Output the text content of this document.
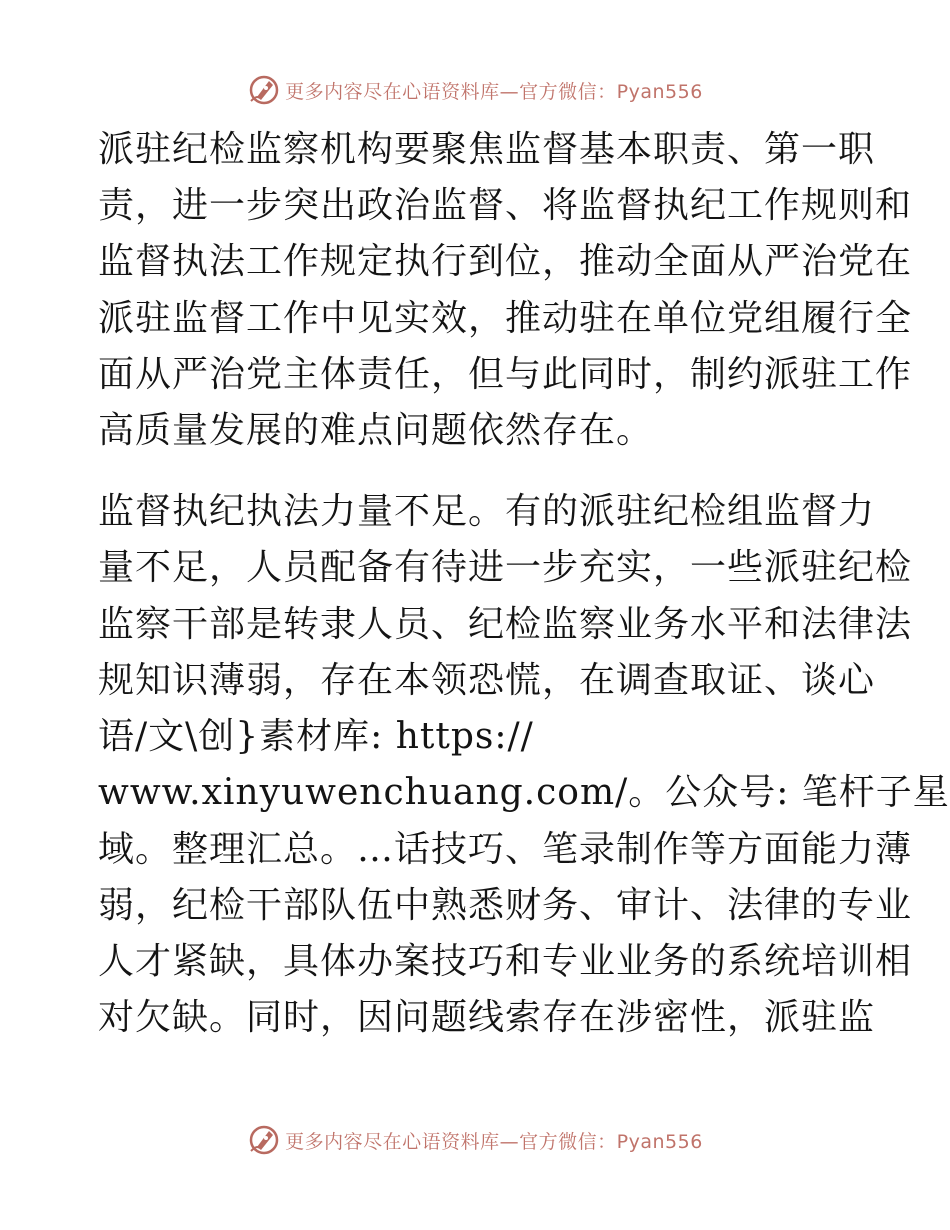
更多内容尽在心语资料库—官方微信：Pyan556
派驻纪检监察机构要聚焦监督基本职责、第一职
责，进一步突出政治监督、将监督执纪工作规则和
监督执法工作规定执行到位，推动全面从严治党在
派驻监督工作中见实效，推动驻在单位党组履行全
面从严治党主体责任，但与此同时，制约派驻工作
高质量发展的难点问题依然存在。
监督执纪执法力量不足。有的派驻纪检组监督力
量不足，人员配备有待进一步充实，一些派驻纪检
监察干部是转隶人员、纪检监察业务水平和法律法
规知识薄弱，存在本领恐慌，在调查取证、谈心
语/文\创}素材库: https://
www.xinyuwenchuang.com/。公众号: 笔杆子星
域。整理汇总。…话技巧、笔录制作等方面能力薄
弱，纪检干部队伍中熟悉财务、审计、法律的专业
人才紧缺，具体办案技巧和专业业务的系统培训相
对欠缺。同时，因问题线索存在涉密性，派驻监
更多内容尽在心语资料库—官方微信：Pyan556
